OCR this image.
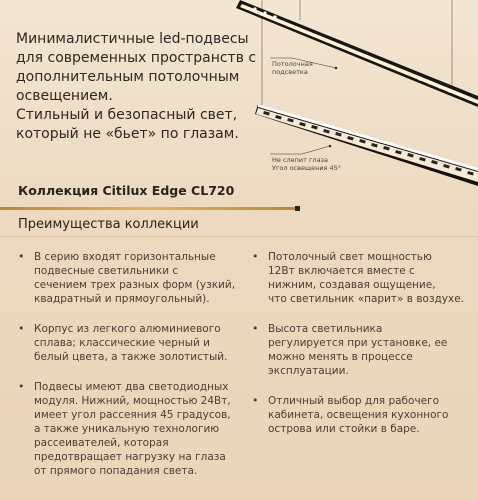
Потолочная подсветка
Не слепит глаза Угол освещения 45°

Минималистичные led-подвесы

для современных пространств с

дополнительным потолочным

освещением.

Стильный и безопасный свет,

который не «бьет» по глазам.

Коллекция Citilux Edge CL720
Преимущества коллекции
• В серию входят горизонтальные
подвесные светильники с
сечением трех разных форм (узкий,
квадратный и прямоугольный).
• Корпус из легкого алюминиевого
сплава; классические черный и
белый цвета, а также золотистый.
• Подвесы имеют два светодиодных
модуля. Нижний, мощностью 24Вт,
имеет угол рассеяния 45 градусов,
а также уникальную технологию
рассеивателей, которая
предотвращает нагрузку на глаза
от прямого попадания света.
• Потолочный свет мощностью
12Вт включается вместе с
нижним, создавая ощущение,
что светильник «парит» в воздухе.
• Высота светильника
регулируется при установке, ее
можно менять в процессе
эксплуатации.
• Отличный выбор для рабочего
кабинета, освещения кухонного
острова или стойки в баре.
